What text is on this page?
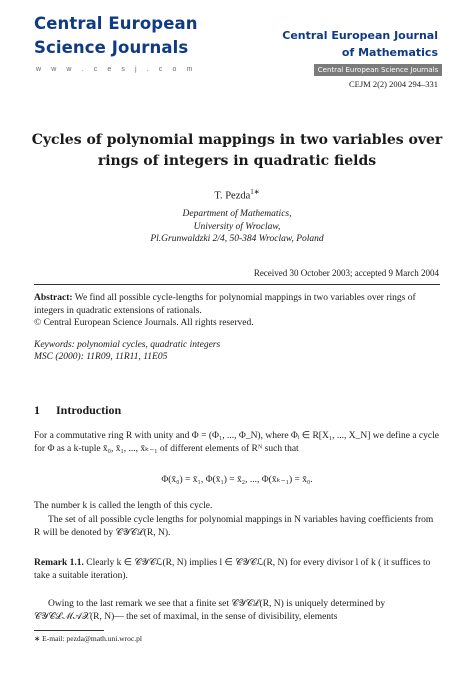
Central European
Science Journals
w w w . c e s j . c o m
Central European Journal
of Mathematics
Central European Science Journals
CEJM 2(2) 2004 294–331
Cycles of polynomial mappings in two variables over
rings of integers in quadratic fields
T. Pezda$^{1∗}$
Department of Mathematics,
University of Wroclaw,
Pl.Grunwaldzki 2/4, 50-384 Wroclaw, Poland
Received 30 October 2003; accepted 9 March 2004
Abstract: We find all possible cycle-lengths for polynomial mappings in two variables over rings of integers in quadratic extensions of rationals.
© Central European Science Journals. All rights reserved.
Keywords: polynomial cycles, quadratic integers
MSC (2000): 11R09, 11R11, 11E05
1 Introduction
For a commutative ring R with unity and Φ = (Φ₁, ..., Φ_N), where Φᵢ ∈ R[X₁, ..., X_N] we define a cycle for Φ as a k-tuple x̄₀, x̄₁, ..., x̄ₖ₋₁ of different elements of Rᴺ such that
Φ(x̄₀) = x̄₁, Φ(x̄₁) = x̄₂, ..., Φ(x̄ₖ₋₁) = x̄₀.
The number k is called the length of this cycle.
The set of all possible cycle lengths for polynomial mappings in N variables having coefficients from R will be denoted by 𝒞𝒴𝒞ℒ(R, N).
Remark 1.1. Clearly k ∈ 𝒞𝒴𝒞ℒ(R, N) implies l ∈ 𝒞𝒴𝒞ℒ(R, N) for every divisor l of k ( it suffices to take a suitable iteration).
Owing to the last remark we see that a finite set 𝒞𝒴𝒞ℒ(R, N) is uniquely determined by 𝒞𝒴𝒞ℒℳ𝒜𝒳(R, N)— the set of maximal, in the sense of divisibility, elements
∗ E-mail: pezda@math.uni.wroc.pl
